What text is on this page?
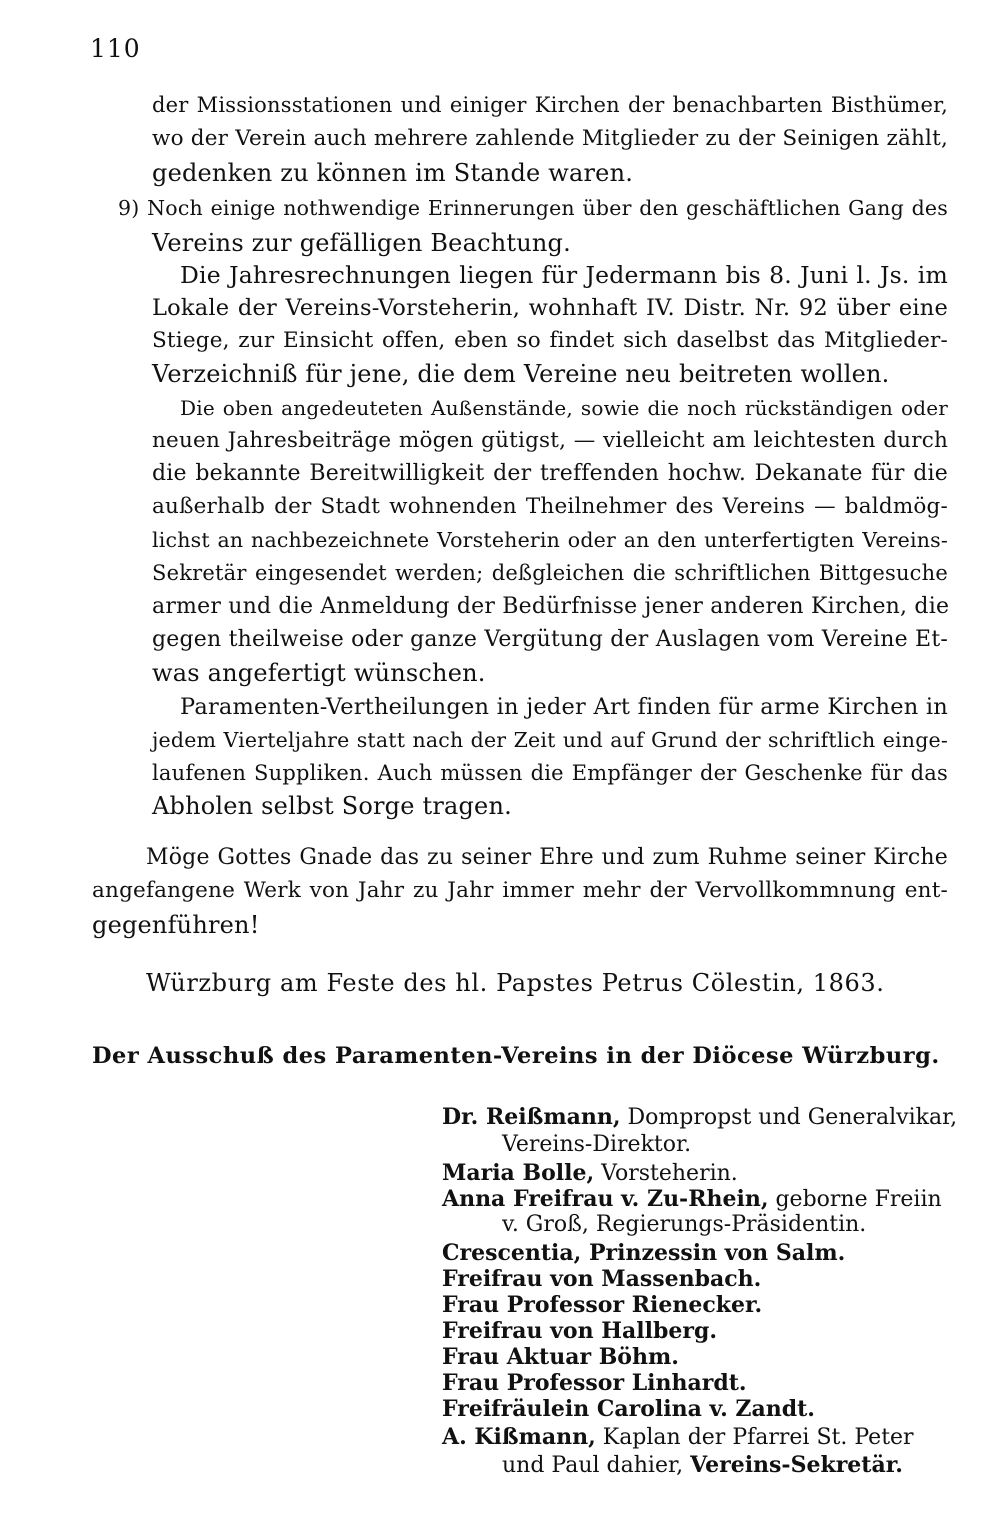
110
der Missionsstationen und einiger Kirchen der benachbarten Bisthümer,
wo der Verein auch mehrere zahlende Mitglieder zu der Seinigen zählt,
gedenken zu können im Stande waren.
9) Noch einige nothwendige Erinnerungen über den geschäftlichen Gang des
Vereins zur gefälligen Beachtung.
Die Jahresrechnungen liegen für Jedermann bis 8. Juni l. Js. im
Lokale der Vereins-Vorsteherin, wohnhaft IV. Distr. Nr. 92 über eine
Stiege, zur Einsicht offen, eben so findet sich daselbst das Mitglieder-
Verzeichniß für jene, die dem Vereine neu beitreten wollen.
Die oben angedeuteten Außenstände, sowie die noch rückständigen oder
neuen Jahresbeiträge mögen gütigst, — vielleicht am leichtesten durch
die bekannte Bereitwilligkeit der treffenden hochw. Dekanate für die
außerhalb der Stadt wohnenden Theilnehmer des Vereins — baldmög-
lichst an nachbezeichnete Vorsteherin oder an den unterfertigten Vereins-
Sekretär eingesendet werden; deßgleichen die schriftlichen Bittgesuche
armer und die Anmeldung der Bedürfnisse jener anderen Kirchen, die
gegen theilweise oder ganze Vergütung der Auslagen vom Vereine Et-
was angefertigt wünschen.
Paramenten-Vertheilungen in jeder Art finden für arme Kirchen in
jedem Vierteljahre statt nach der Zeit und auf Grund der schriftlich einge-
laufenen Suppliken. Auch müssen die Empfänger der Geschenke für das
Abholen selbst Sorge tragen.
Möge Gottes Gnade das zu seiner Ehre und zum Ruhme seiner Kirche
angefangene Werk von Jahr zu Jahr immer mehr der Vervollkommnung ent-
gegenführen!
Würzburg am Feste des hl. Papstes Petrus Cölestin, 1863.
Der Ausschuß des Paramenten-Vereins in der Diöcese Würzburg.
Dr. Reißmann, Dompropst und Generalvikar,
Vereins-Direktor.
Maria Bolle, Vorsteherin.
Anna Freifrau v. Zu-Rhein, geborne Freiin
v. Groß, Regierungs-Präsidentin.
Crescentia, Prinzessin von Salm.
Freifrau von Massenbach.
Frau Professor Rienecker.
Freifrau von Hallberg.
Frau Aktuar Böhm.
Frau Professor Linhardt.
Freifräulein Carolina v. Zandt.
A. Kißmann, Kaplan der Pfarrei St. Peter
und Paul dahier, Vereins-Sekretär.
